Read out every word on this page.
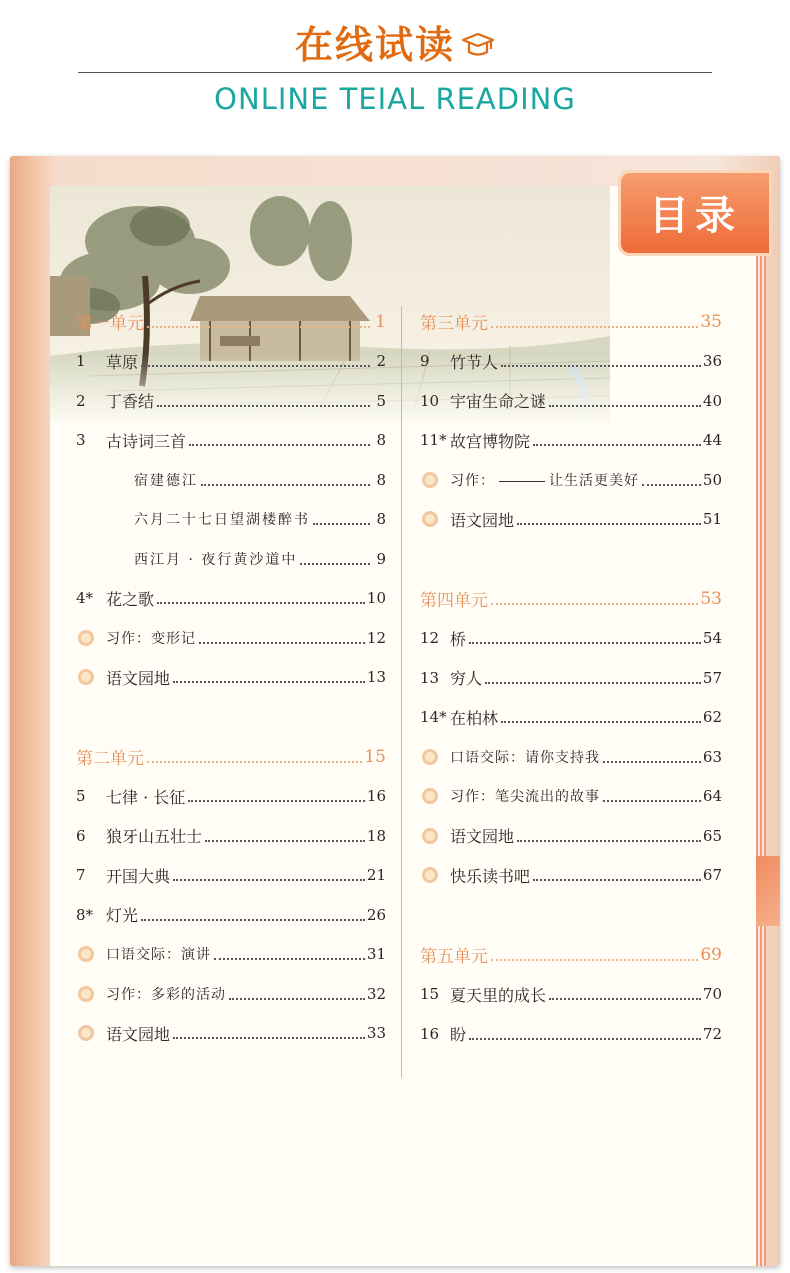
在线试读
ONLINE TEIAL READING
目录
第一单元	1
1	草原	2
2	丁香结	5
3	古诗词三首	8
宿建德江	8
六月二十七日望湖楼醉书	8
西江月 · 夜行黄沙道中	9
4* 花之歌	10
习作：变形记	12
语文园地	13
第二单元	15
5	七律 · 长征	16
6	狼牙山五壮士	18
7	开国大典	21
8* 灯光	26
口语交际：演讲	31
习作：多彩的活动	32
语文园地	33
第三单元	35
9	竹节人	36
10 宇宙生命之谜	40
11* 故宫博物院	44
习作：	让生活更美好	50
语文园地	51
第四单元	53
12 桥	54
13 穷人	57
14* 在柏林	62
口语交际：请你支持我	63
习作：笔尖流出的故事	64
语文园地	65
快乐读书吧	67
第五单元	69
15 夏天里的成长	70
16 盼	72
